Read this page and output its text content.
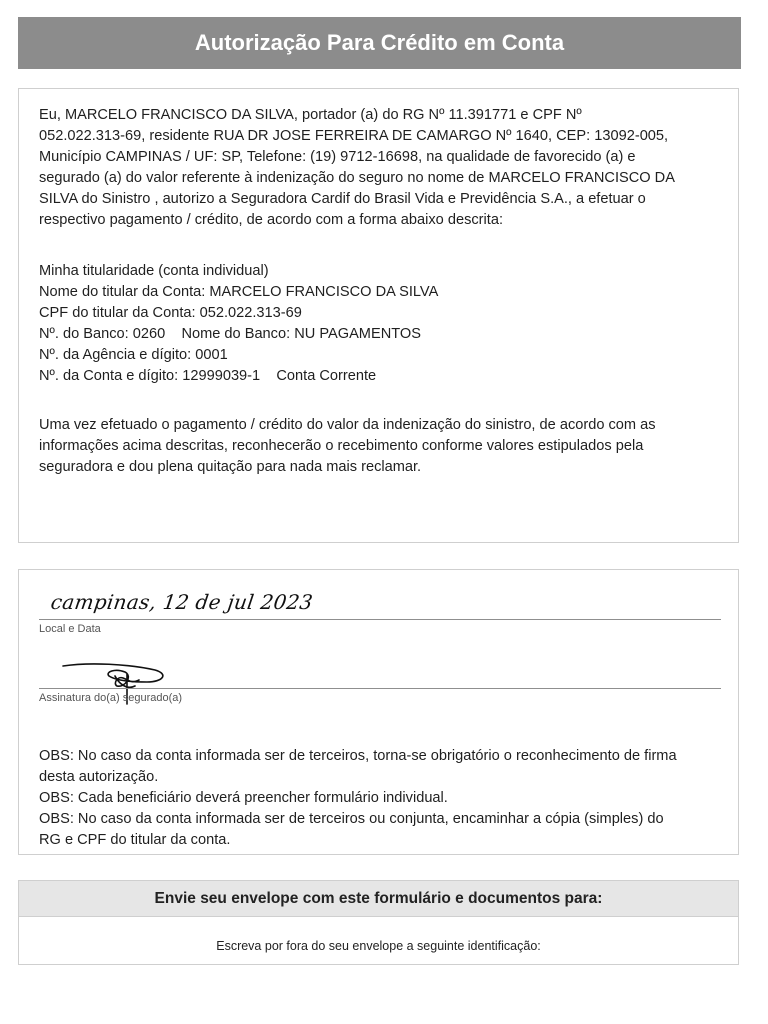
Autorização Para Crédito em Conta

Eu, MARCELO FRANCISCO DA SILVA, portador (a) do RG Nº 11.391771 e CPF Nº
052.022.313-69, residente RUA DR JOSE FERREIRA DE CAMARGO Nº 1640, CEP: 13092-005,
Município CAMPINAS / UF: SP, Telefone: (19) 9712-16698, na qualidade de favorecido (a) e
segurado (a) do valor referente à indenização do seguro no nome de MARCELO FRANCISCO DA
SILVA do Sinistro , autorizo a Seguradora Cardif do Brasil Vida e Previdência S.A., a efetuar o
respectivo pagamento / crédito, de acordo com a forma abaixo descrita:

Minha titularidade (conta individual)
Nome do titular da Conta: MARCELO FRANCISCO DA SILVA
CPF do titular da Conta: 052.022.313-69
Nº. do Banco: 0260    Nome do Banco: NU PAGAMENTOS
Nº. da Agência e dígito: 0001
Nº. da Conta e dígito: 12999039-1    Conta Corrente

Uma vez efetuado o pagamento / crédito do valor da indenização do sinistro, de acordo com as
informações acima descritas, reconhecerão o recebimento conforme valores estipulados pela
seguradora e dou plena quitação para nada mais reclamar.

campinas, 12 de jul 2023
Local e Data
Assinatura do(a) segurado(a)

OBS: No caso da conta informada ser de terceiros, torna-se obrigatório o reconhecimento de firma
desta autorização.
OBS: Cada beneficiário deverá preencher formulário individual.
OBS: No caso da conta informada ser de terceiros ou conjunta, encaminhar a cópia (simples) do
RG e CPF do titular da conta.

Envie seu envelope com este formulário e documentos para:
Escreva por fora do seu envelope a seguinte identificação:
